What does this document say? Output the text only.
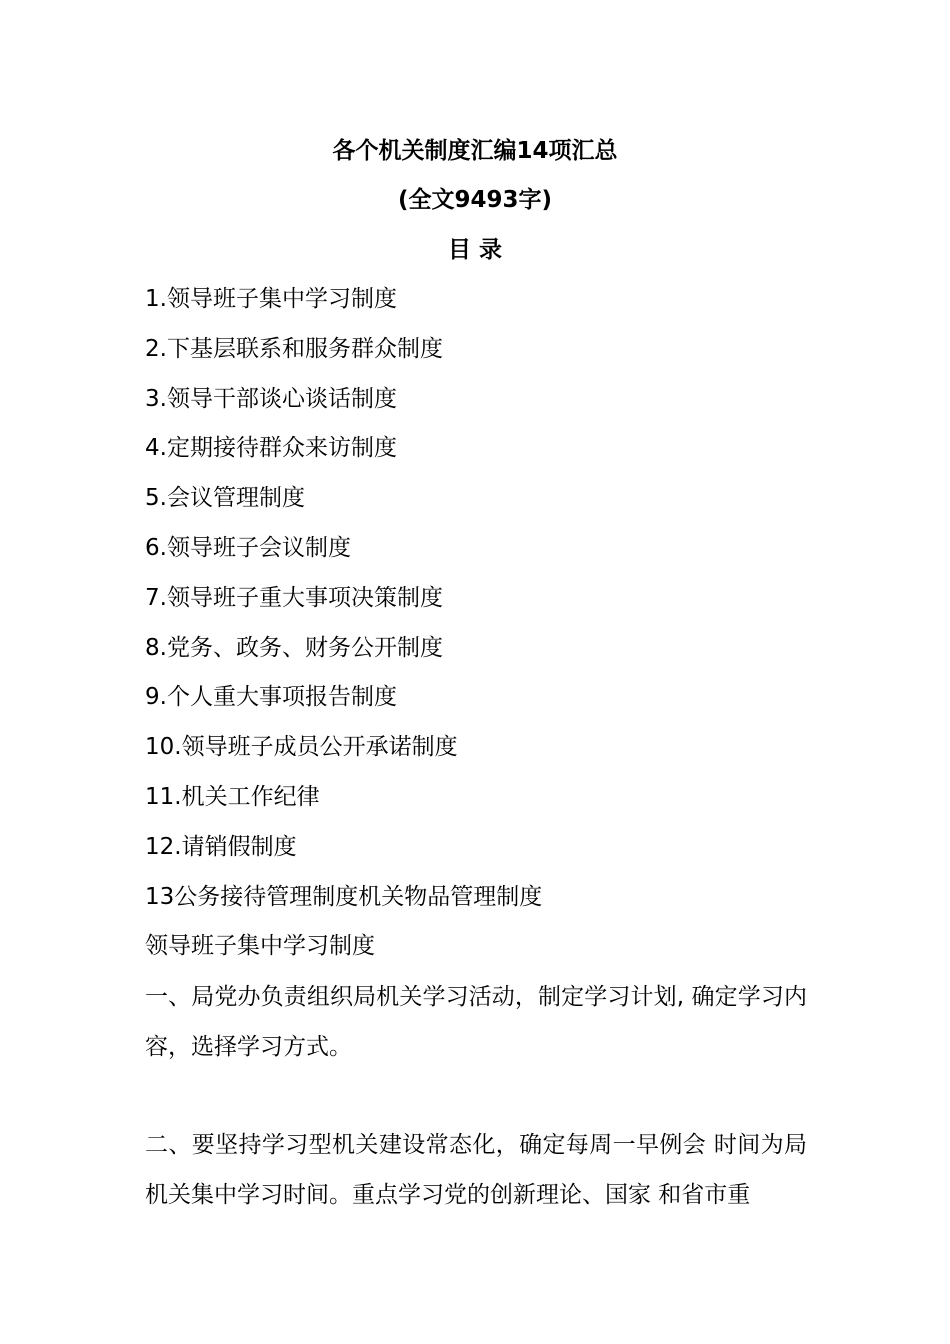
各个机关制度汇编14项汇总
(全文9493字)
目 录
1.领导班子集中学习制度
2.下基层联系和服务群众制度
3.领导干部谈心谈话制度
4.定期接待群众来访制度
5.会议管理制度
6.领导班子会议制度
7.领导班子重大事项决策制度
8.党务、政务、财务公开制度
9.个人重大事项报告制度
10.领导班子成员公开承诺制度
11.机关工作纪律
12.请销假制度
13公务接待管理制度机关物品管理制度
领导班子集中学习制度
一、局党办负责组织局机关学习活动，制定学习计划, 确定学习内容，选择学习方式。
二、要坚持学习型机关建设常态化，确定每周一早例会 时间为局机关集中学习时间。重点学习党的创新理论、国家 和省市重
